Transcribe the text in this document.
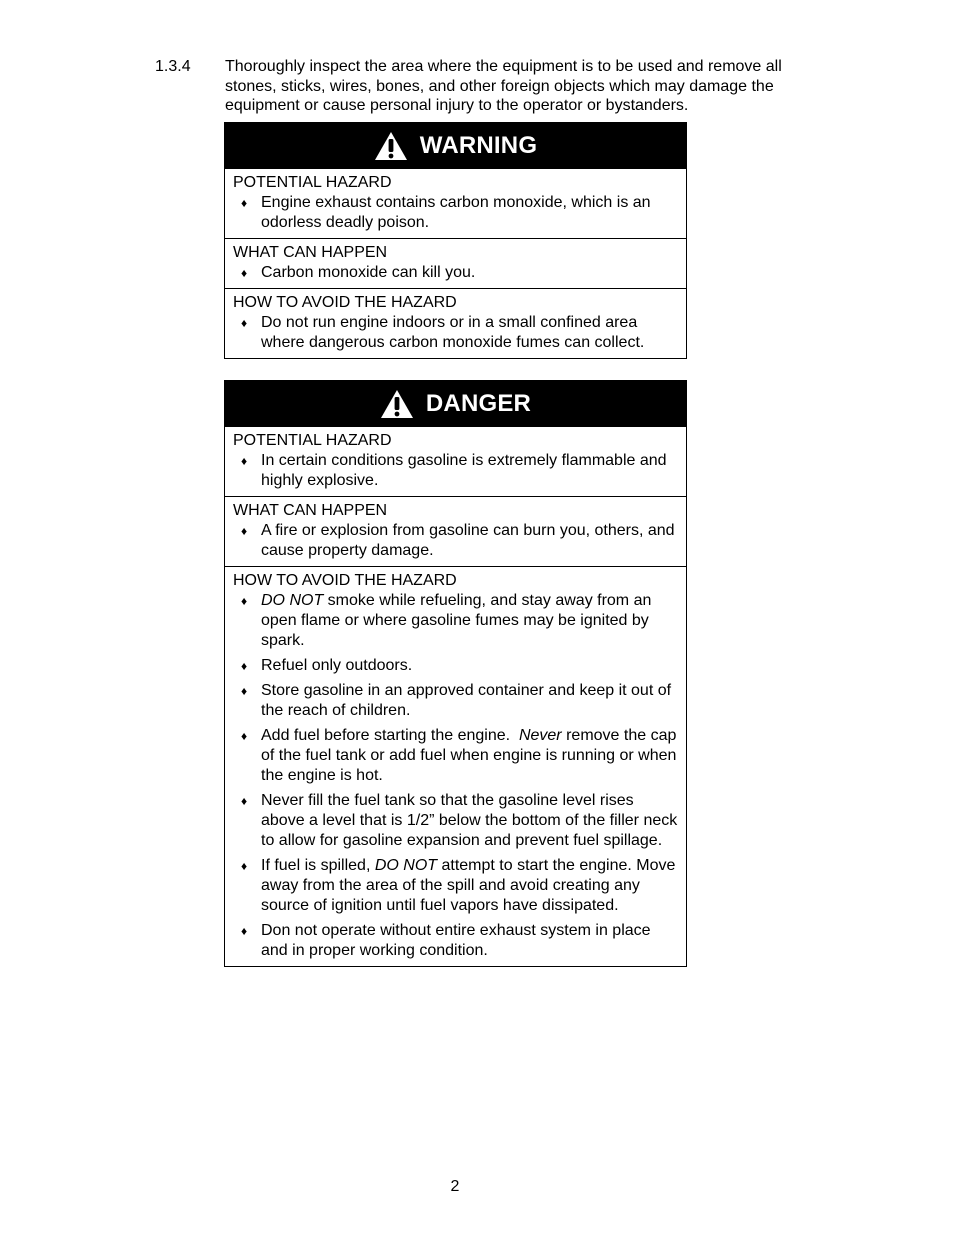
1.3.4 Thoroughly inspect the area where the equipment is to be used and remove all stones, sticks, wires, bones, and other foreign objects which may damage the equipment or cause personal injury to the operator or bystanders.
WARNING
POTENTIAL HAZARD
♦ Engine exhaust contains carbon monoxide, which is an odorless deadly poison.
WHAT CAN HAPPEN
♦ Carbon monoxide can kill you.
HOW TO AVOID THE HAZARD
♦ Do not run engine indoors or in a small confined area where dangerous carbon monoxide fumes can collect.
DANGER
POTENTIAL HAZARD
♦ In certain conditions gasoline is extremely flammable and highly explosive.
WHAT CAN HAPPEN
♦ A fire or explosion from gasoline can burn you, others, and cause property damage.
HOW TO AVOID THE HAZARD
♦ DO NOT smoke while refueling, and stay away from an open flame or where gasoline fumes may be ignited by spark.
♦ Refuel only outdoors.
♦ Store gasoline in an approved container and keep it out of the reach of children.
♦ Add fuel before starting the engine.  Never remove the cap of the fuel tank or add fuel when engine is running or when the engine is hot.
♦ Never fill the fuel tank so that the gasoline level rises above a level that is 1/2” below the bottom of the filler neck to allow for gasoline expansion and prevent fuel spillage.
♦ If fuel is spilled, DO NOT attempt to start the engine. Move away from the area of the spill and avoid creating any source of ignition until fuel vapors have dissipated.
♦ Don not operate without entire exhaust system in place and in proper working condition.
2
